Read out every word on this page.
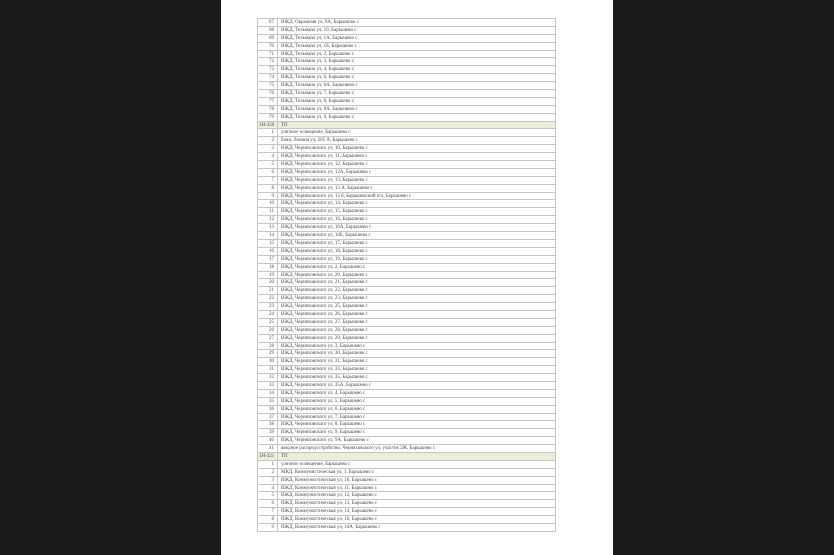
67	ИЖД, Овражная ул, 9А, Барышево с
68	ИЖД, Тельмана ул, 10, Барышево с
69	ИЖД, Тельмана ул, 1А, Барышево с
70	ИЖД, Тельмана ул, 1Б, Барышево с
71	ИЖД, Тельмана ул, 2, Барышево с
72	ИЖД, Тельмана ул, 3, Барышево с
73	ИЖД, Тельмана ул, 4, Барышево с
74	ИЖД, Тельмана ул, 6, Барышево с
75	ИЖД, Тельмана ул, 6А, Барышево с
76	ИЖД, Тельмана ул, 7, Барышево с
77	ИЖД, Тельмана ул, 8, Барышево с
78	ИЖД, Тельмана ул, 8А, Барышево с
79	ИЖД, Тельмана ул, 9, Барышево с
1Н-320	ТП
1	уличное освещение, Барышево с
2	баня, Ленина ул, 205 А, Барышево с
3	ИЖД, Черняховского ул, 10, Барышево с
4	ИЖД, Черняховского ул, 11, Барышево с
5	ИЖД, Черняховского ул, 12, Барышево с
6	ИЖД, Черняховского ул, 12А, Барышево с
7	ИЖД, Черняховского ул, 13, Барышево с
8	ИЖД, Черняховского ул, 13 А, Барышево с
9	ИЖД, Черняховского ул, 13 б, Барышевский п/х, Барышево с
10	ИЖД, Черняховского ул, 14, Барышево с
11	ИЖД, Черняховского ул, 15, Барышево с
12	ИЖД, Черняховского ул, 16, Барышево с
13	ИЖД, Черняховского ул, 16А, Барышево с
14	ИЖД, Черняховского ул, 16Б, Барышево с
15	ИЖД, Черняховского ул, 17, Барышево с
16	ИЖД, Черняховского ул, 18, Барышево с
17	ИЖД, Черняховского ул, 19, Барышево с
18	ИЖД, Черняховского ул, 2, Барышево с
19	ИЖД, Черняховского ул, 20, Барышево с
20	ИЖД, Черняховского ул, 21, Барышево с
21	ИЖД, Черняховского ул, 22, Барышево с
22	ИЖД, Черняховского ул, 23, Барышево с
23	ИЖД, Черняховского ул, 25, Барышево с
24	ИЖД, Черняховского ул, 26, Барышево с
25	ИЖД, Черняховского ул, 27, Барышево с
26	ИЖД, Черняховского ул, 28, Барышево с
27	ИЖД, Черняховского ул, 29, Барышево с
28	ИЖД, Черняховского ул, 3, Барышево с
29	ИЖД, Черняховского ул, 30, Барышево с
30	ИЖД, Черняховского ул, 31, Барышево с
31	ИЖД, Черняховского ул, 33, Барышево с
32	ИЖД, Черняховского ул, 35, Барышево с
33	ИЖД, Черняховского ул, 35А, Барышево с
34	ИЖД, Черняховского ул, 4, Барышево с
35	ИЖД, Черняховского ул, 5, Барышево с
36	ИЖД, Черняховского ул, 6, Барышево с
37	ИЖД, Черняховского ул, 7, Барышево с
38	ИЖД, Черняховского ул, 8, Барышево с
39	ИЖД, Черняховского ул, 9, Барышево с
40	ИЖД, Черняховского ул, 9А, Барышево с
41	вводное распредустройство, Черняховского ул, участок 2Ж, Барышево с
1Н-321	ТП
1	уличное освещение, Барышево с
2	МКД, Коммунистическая ул, 1, Барышево с
3	ИЖД, Коммунистическая ул, 10, Барышево с
4	ИЖД, Коммунистическая ул, 11, Барышево с
5	ИЖД, Коммунистическая ул, 12, Барышево с
6	ИЖД, Коммунистическая ул, 13, Барышево с
7	ИЖД, Коммунистическая ул, 14, Барышево с
8	ИЖД, Коммунистическая ул, 16, Барышево с
9	ИЖД, Коммунистическая ул, 16А, Барышево с
